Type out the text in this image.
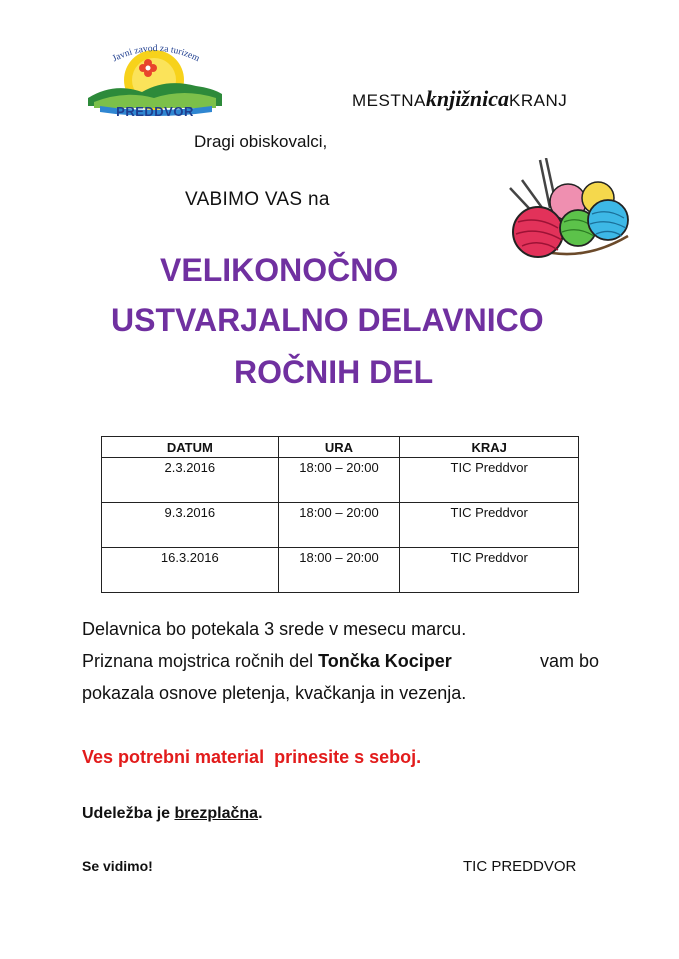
PREDDVOR
Javni zavod za turizem
MESTNAknjižnicaKRANJ
Dragi obiskovalci,
VABIMO VAS na
VELIKONOČNO
USTVARJALNO DELAVNICO
ROČNIH DEL
DATUM	URA	KRAJ
2.3.2016	18:00 – 20:00	TIC Preddvor
9.3.2016	18:00 – 20:00	TIC Preddvor
16.3.2016	18:00 – 20:00	TIC Preddvor
Delavnica bo potekala 3 srede v mesecu marcu.
Priznana mojstrica ročnih del Tončka Kociper	vam bo
pokazala osnove pletenja, kvačkanja in vezenja.
Ves potrebni material  prinesite s seboj.
Udeležba je brezplačna.
Se vidimo!	TIC PREDDVOR
